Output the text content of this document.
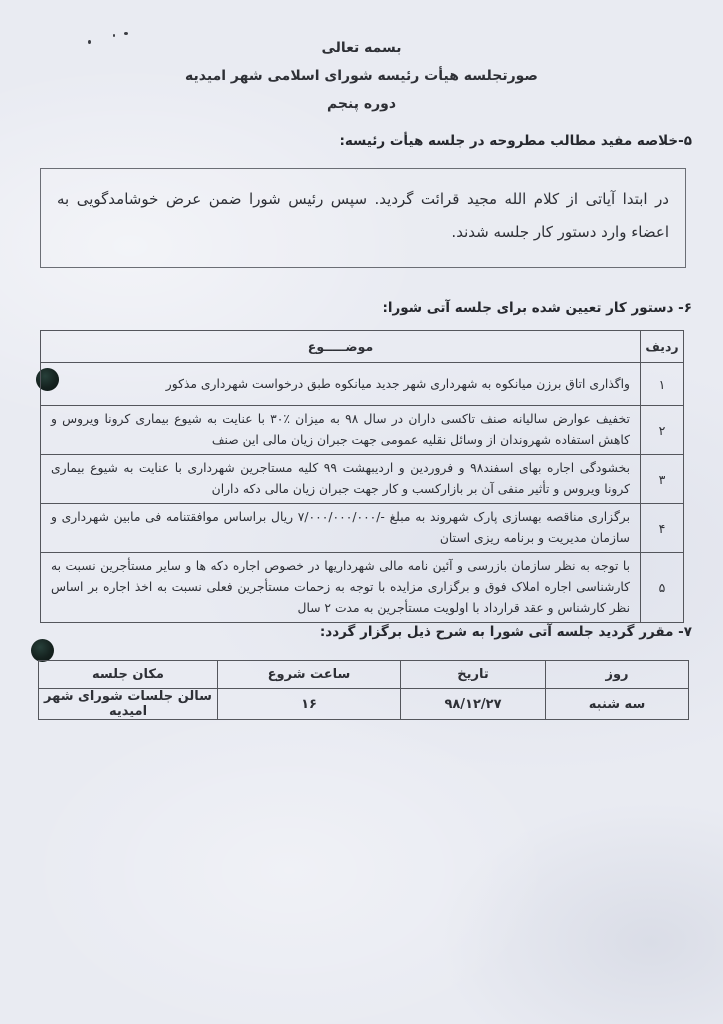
بسمه تعالی
صورتجلسه هیأت رئیسه شورای اسلامی شهر امیدیه
دوره پنجم
۵-خلاصه مفید مطالب مطروحه در جلسه هیأت رئیسه:
در ابتدا آیاتی از کلام الله مجید قرائت گردید. سپس رئیس شورا ضمن عرض خوشامدگویی به اعضاء وارد دستور کار جلسه شدند.
۶- دستور کار تعیین شده برای جلسه آتی شورا:
ردیف	موضـــــوع
۱	واگذاری اتاق برزن میانکوه به شهرداری شهر جدید میانکوه طبق درخواست شهرداری مذکور
۲	تخفیف عوارض سالیانه صنف تاکسی داران در سال ۹۸ به میزان ٪۳۰ با عنایت به شیوع بیماری کرونا ویروس و کاهش استفاده شهروندان از وسائل نقلیه عمومی جهت جبران زیان مالی این صنف
۳	بخشودگی اجاره بهای اسفند۹۸ و فروردین و اردیبهشت ۹۹ کلیه مستاجرین شهرداری با عنایت به شیوع بیماری کرونا ویروس و تأثیر منفی آن بر بازارکسب و کار جهت جبران زیان مالی دکه داران
۴	برگزاری مناقصه بهسازی پارک شهروند به مبلغ -/۷/۰۰۰/۰۰۰/۰۰۰ ریال براساس موافقتنامه فی مابین شهرداری و سازمان مدیریت و برنامه ریزی استان
۵	با توجه به نظر سازمان بازرسی و آئین نامه مالی شهرداریها در خصوص اجاره دکه ها و سایر مستأجرین نسبت به کارشناسی اجاره املاک فوق و برگزاری مزایده با توجه به زحمات مستأجرین فعلی نسبت به اخذ اجاره بر اساس نظر کارشناس و عقد قرارداد با اولویت مستأجرین به مدت ۲ سال
۷- مقرر گردید جلسه آتی شورا به شرح ذیل برگزار گردد:
روز	تاریخ	ساعت شروع	مکان جلسه
سه شنبه	۹۸/۱۲/۲۷	۱۶	سالن جلسات شورای شهر امیدیه
